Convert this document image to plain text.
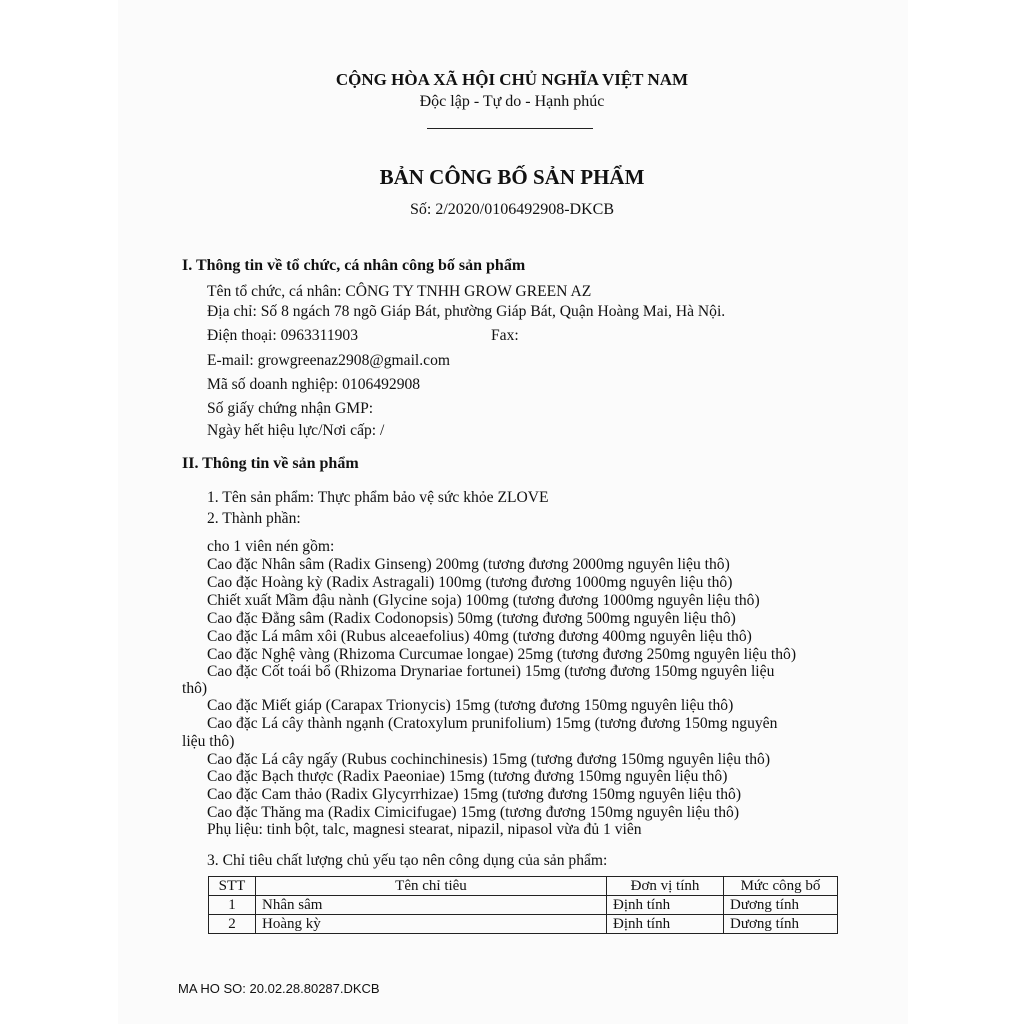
CỘNG HÒA XÃ HỘI CHỦ NGHĨA VIỆT NAM
Độc lập - Tự do - Hạnh phúc
BẢN CÔNG BỐ SẢN PHẨM
Số: 2/2020/0106492908-DKCB
I. Thông tin về tổ chức, cá nhân công bố sản phẩm
Tên tổ chức, cá nhân: CÔNG TY TNHH GROW GREEN AZ
Địa chỉ: Số 8 ngách 78 ngõ Giáp Bát, phường Giáp Bát, Quận Hoàng Mai, Hà Nội.
Điện thoại: 0963311903	Fax:
E-mail: growgreenaz2908@gmail.com
Mã số doanh nghiệp: 0106492908
Số giấy chứng nhận GMP:
Ngày hết hiệu lực/Nơi cấp: /
II. Thông tin về sản phẩm
1. Tên sản phẩm: Thực phẩm bảo vệ sức khỏe ZLOVE
2. Thành phần:
cho 1 viên nén gồm:
Cao đặc Nhân sâm (Radix Ginseng) 200mg (tương đương 2000mg nguyên liệu thô)
Cao đặc Hoàng kỳ (Radix Astragali) 100mg (tương đương 1000mg nguyên liệu thô)
Chiết xuất Mầm đậu nành (Glycine soja) 100mg (tương đương 1000mg nguyên liệu thô)
Cao đặc Đẳng sâm (Radix Codonopsis) 50mg (tương đương 500mg nguyên liệu thô)
Cao đặc Lá mâm xôi (Rubus alceaefolius) 40mg (tương đương 400mg nguyên liệu thô)
Cao đặc Nghệ vàng (Rhizoma Curcumae longae) 25mg (tương đương 250mg nguyên liệu thô)
Cao đặc Cốt toái bổ (Rhizoma Drynariae fortunei) 15mg (tương đương 150mg nguyên liệu
thô)
Cao đặc Miết giáp (Carapax Trionycis) 15mg (tương đương 150mg nguyên liệu thô)
Cao đặc Lá cây thành ngạnh (Cratoxylum prunifolium) 15mg (tương đương 150mg nguyên
liệu thô)
Cao đặc Lá cây ngấy (Rubus cochinchinesis) 15mg (tương đương 150mg nguyên liệu thô)
Cao đặc Bạch thược (Radix Paeoniae) 15mg (tương đương 150mg nguyên liệu thô)
Cao đặc Cam thảo (Radix Glycyrrhizae) 15mg (tương đương 150mg nguyên liệu thô)
Cao đặc Thăng ma (Radix Cimicifugae) 15mg (tương đương 150mg nguyên liệu thô)
Phụ liệu: tinh bột, talc, magnesi stearat, nipazil, nipasol vừa đủ 1 viên
3. Chỉ tiêu chất lượng chủ yếu tạo nên công dụng của sản phẩm:
STT	Tên chỉ tiêu	Đơn vị tính	Mức công bố
1	Nhân sâm	Định tính	Dương tính
2	Hoàng kỳ	Định tính	Dương tính
MA HO SO: 20.02.28.80287.DKCB
